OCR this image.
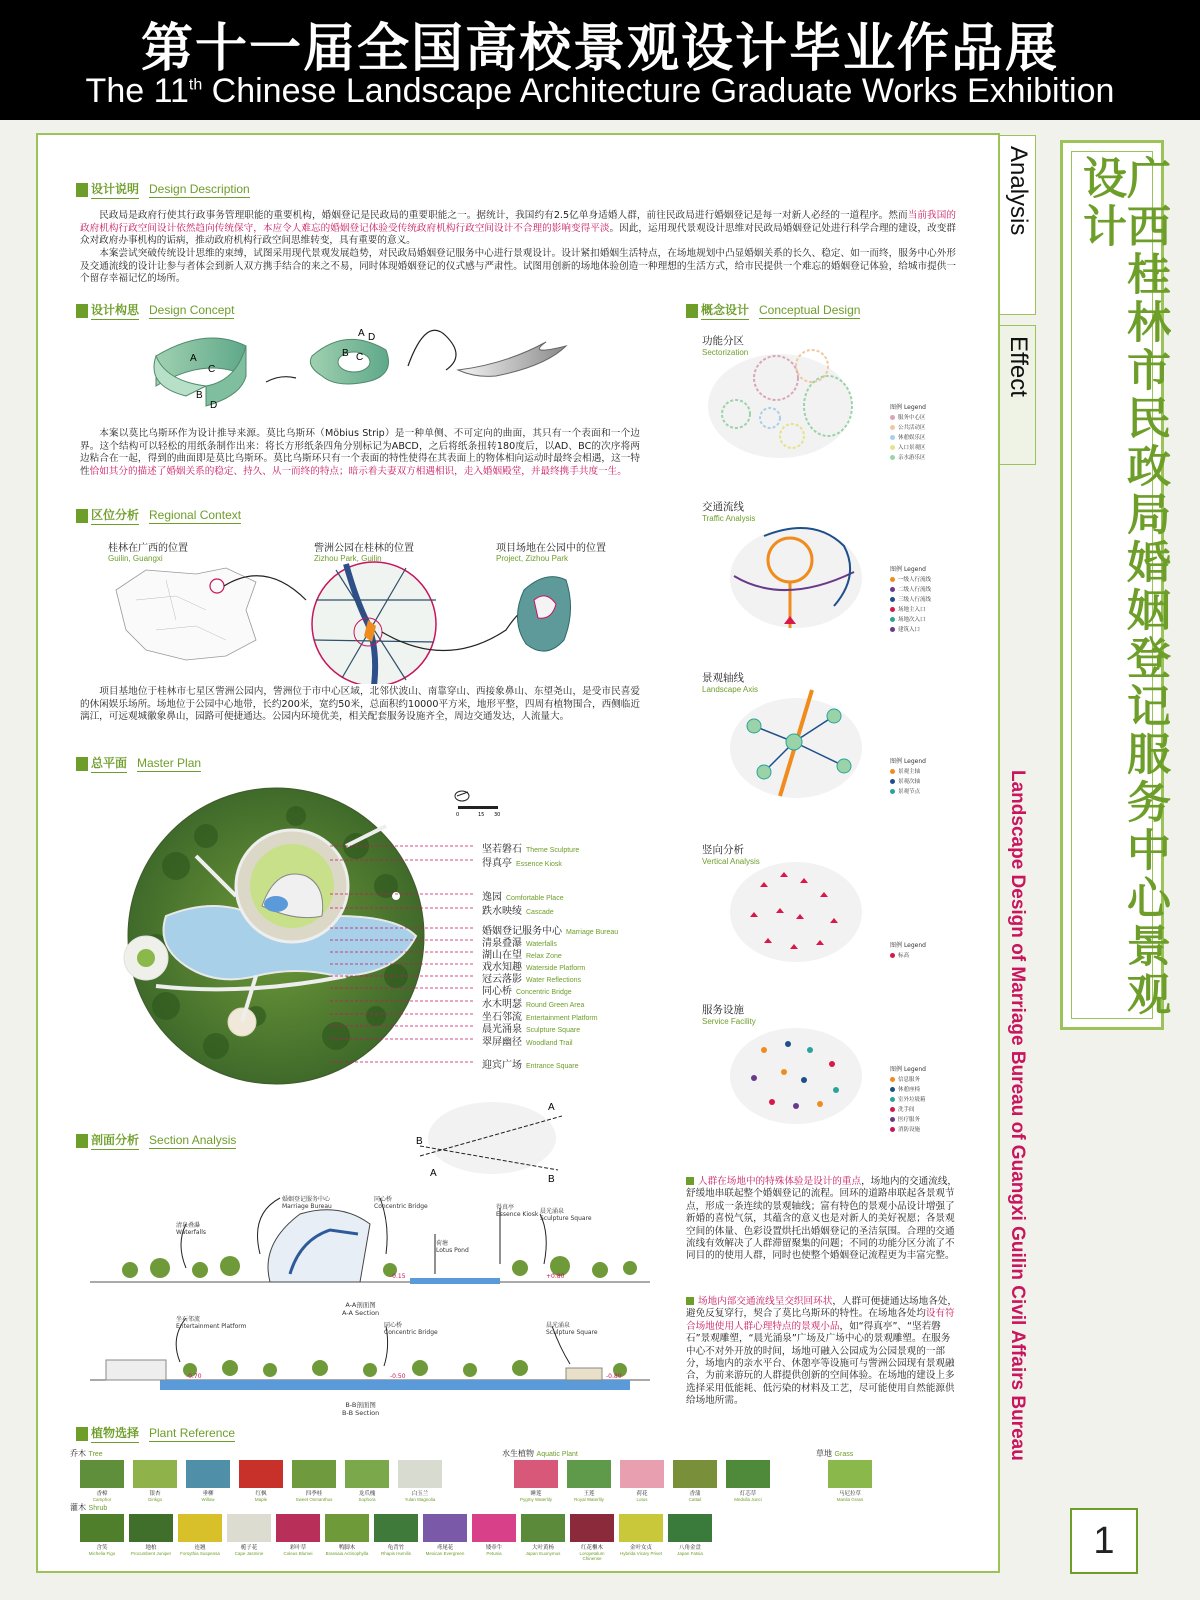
第十一届全国高校景观设计毕业作品展
The 11th Chinese Landscape Architecture Graduate Works Exhibition
Analysis
Effect
Landscape Design of Marriage Bureau of Guangxi Guilin Civil Affairs Bureau
广西桂林市民政局婚姻登记服务中心景观设计
1
设计说明 Design Description
民政局是政府行使其行政事务管理职能的重要机构，婚姻登记是民政局的重要职能之一。据统计，我国约有2.5亿单身适婚人群，前往民政局进行婚姻登记是每一对新人必经的一道程序。然而当前我国的政府机构行政空间设计依然趋向传统保守，本应令人难忘的婚姻登记体验受传统政府机构行政空间设计不合理的影响变得平淡。因此，运用现代景观设计思维对民政局婚姻登记处进行科学合理的建设，改变群众对政府办事机构的诟病，推动政府机构行政空间思维转变，具有重要的意义。
本案尝试突破传统设计思维的束缚，试图采用现代景观发展趋势，对民政局婚姻登记服务中心进行景观设计。设计紧扣婚姻生活特点，在场地规划中凸显婚姻关系的长久、稳定、如一而终，服务中心外形及交通流线的设计让参与者体会到新人双方携手结合的来之不易，同时体现婚姻登记的仪式感与严肃性。试图用创新的场地体验创造一种理想的生活方式，给市民提供一个难忘的婚姻登记体验，给城市提供一个留存幸福记忆的场所。
设计构思 Design Concept
A
B
C
D
A
B C
D
本案以莫比乌斯环作为设计推导来源。莫比乌斯环（Möbius Strip）是一种单侧、不可定向的曲面，其只有一个表面和一个边界。这个结构可以轻松的用纸条制作出来：将长方形纸条四角分别标记为ABCD，之后将纸条扭转180度后，以AD、BC的次序将两边粘合在一起，得到的曲面即是莫比乌斯环。莫比乌斯环只有一个表面的特性使得在其表面上的物体相向运动时最终会相遇，这一特性恰如其分的描述了婚姻关系的稳定、持久、从一而终的特点；暗示着夫妻双方相遇相识，走入婚姻殿堂，并最终携手共度一生。
区位分析 Regional Context
桂林在广西的位置
Guilin, Guangxi
訾洲公园在桂林的位置
Zizhou Park, Guilin
项目场地在公园中的位置
Project, Zizhou Park
项目基地位于桂林市七星区訾洲公园内，訾洲位于市中心区域，北邻伏波山、南靠穿山、西接象鼻山、东望尧山，是受市民喜爱的休闲娱乐场所。场地位于公园中心地带，长约200米，宽约50米，总面积约10000平方米，地形平整，四周有植物围合，西侧临近漓江，可远观城徽象鼻山，园路可便捷通达。公园内环境优美，相关配套服务设施齐全，周边交通发达，人流量大。
总平面 Master Plan
0	15 30
坚若磐石 Theme Sculpture
得真亭 Essence Kiosk
逸园 Comfortable Place
跌水映绫 Cascade
婚姻登记服务中心 Marriage Bureau
清泉叠瀑 Waterfalls
湖山在望 Relax Zone
戏水知趣 Waterside Platform
冠云落影 Water Reflections
同心桥 Concentric Bridge
水木明瑟 Round Green Area
坐石邻流 Entertainment Platform
晨光涌泉 Sculpture Square
翠屏幽径 Woodland Trail
迎宾广场 Entrance Square
概念设计 Conceptual Design
功能分区
Sectorization
图例 Legend
服务中心区
公共活动区
休憩娱乐区
入口景观区
亲水游乐区
交通流线
Traffic Analysis
图例 Legend
一级人行流线
二级人行流线
三级人行流线
场地主入口
场地次入口
建筑入口
景观轴线
Landscape Axis
图例 Legend
景观主轴
景观次轴
景观节点
竖向分析
Vertical Analysis
图例 Legend
标高
服务设施
Service Facility
图例 Legend
信息服务
休憩座椅
室外垃圾箱
洗手间
医疗服务
消防设施
人群在场地中的特殊体验是设计的重点，场地内的交通流线，舒缓地串联起整个婚姻登记的流程。回环的道路串联起各景观节点，形成一条连续的景观轴线；富有特色的景观小品设计增强了新婚的喜悦气氛，其蕴含的意义也是对新人的美好祝愿；各景观空间的体量、色彩设置烘托出婚姻登记的圣洁氛围。合理的交通流线有效解决了人群滞留聚集的问题；不同的功能分区分流了不同目的的使用人群，同时也使整个婚姻登记流程更为丰富完整。
场地内部交通流线呈交织回环状，人群可便捷通达场地各处，避免反复穿行，契合了莫比乌斯环的特性。在场地各处均设有符合场地使用人群心理特点的景观小品，如“得真亭”、“坚若磐石”景观雕塑，“晨光涌泉”广场及广场中心的景观雕塑。在服务中心不对外开放的时间，场地可融入公园成为公园景观的一部分，场地内的亲水平台、休憩亭等设施可与訾洲公园现有景观融合，为前来游玩的人群提供创新的空间体验。在场地的建设上多选择采用低能耗、低污染的材料及工艺，尽可能使用自然能源供给场地所需。
剖面分析 Section Analysis
A
A
B
B
-0.15	+0.80
清泉叠瀑
Waterfalls
婚姻登记服务中心
Marriage Bureau
同心桥
Concentric Bridge	得真亭
Essence Kiosk
荷塘
Lotus Pond
晨光涌泉
Sculpture Square
A-A剖面图
A-A Section
-0.70	-0.50	-0.80
坐石邻流
Entertainment Platform	同心桥
Concentric Bridge
晨光涌泉
Sculpture Square
B-B剖面图
B-B Section
植物选择 Plant Reference
乔木 Tree	水生植物 Aquatic Plant	草地 Grass
灌木 Shrub
香樟
Camphor
银杏
Ginkgo
垂柳
Willow
红枫
Maple
四季桂
Sweet Osmanthus
龙爪槐
Sophora
白玉兰
Yulan Magnolia
睡莲
Pygmy Waterlily
王莲
Royal Waterlily
荷花
Lotus
香蒲
Cattail
灯芯草
Medulla Junci
马尼拉草
Manila Grass
含笑
Michelia Figo
地柏
Procumbent Juniper
连翘
Forsythia Suspensa
栀子花
Cape Jasmine
彩叶草
Coleus Blumei
鸭脚木
Brassaia Actinophylla
龟背竹
Rhapis Humilis
鸢尾花
Mexican Evergreen
矮牵牛
Petunia
大叶黄杨
Japan Euonymus
红花檵木
Loropetalum Chinense
金叶女贞
Hybrida Vicary Privet
八角金盘
Japan Fatsia
